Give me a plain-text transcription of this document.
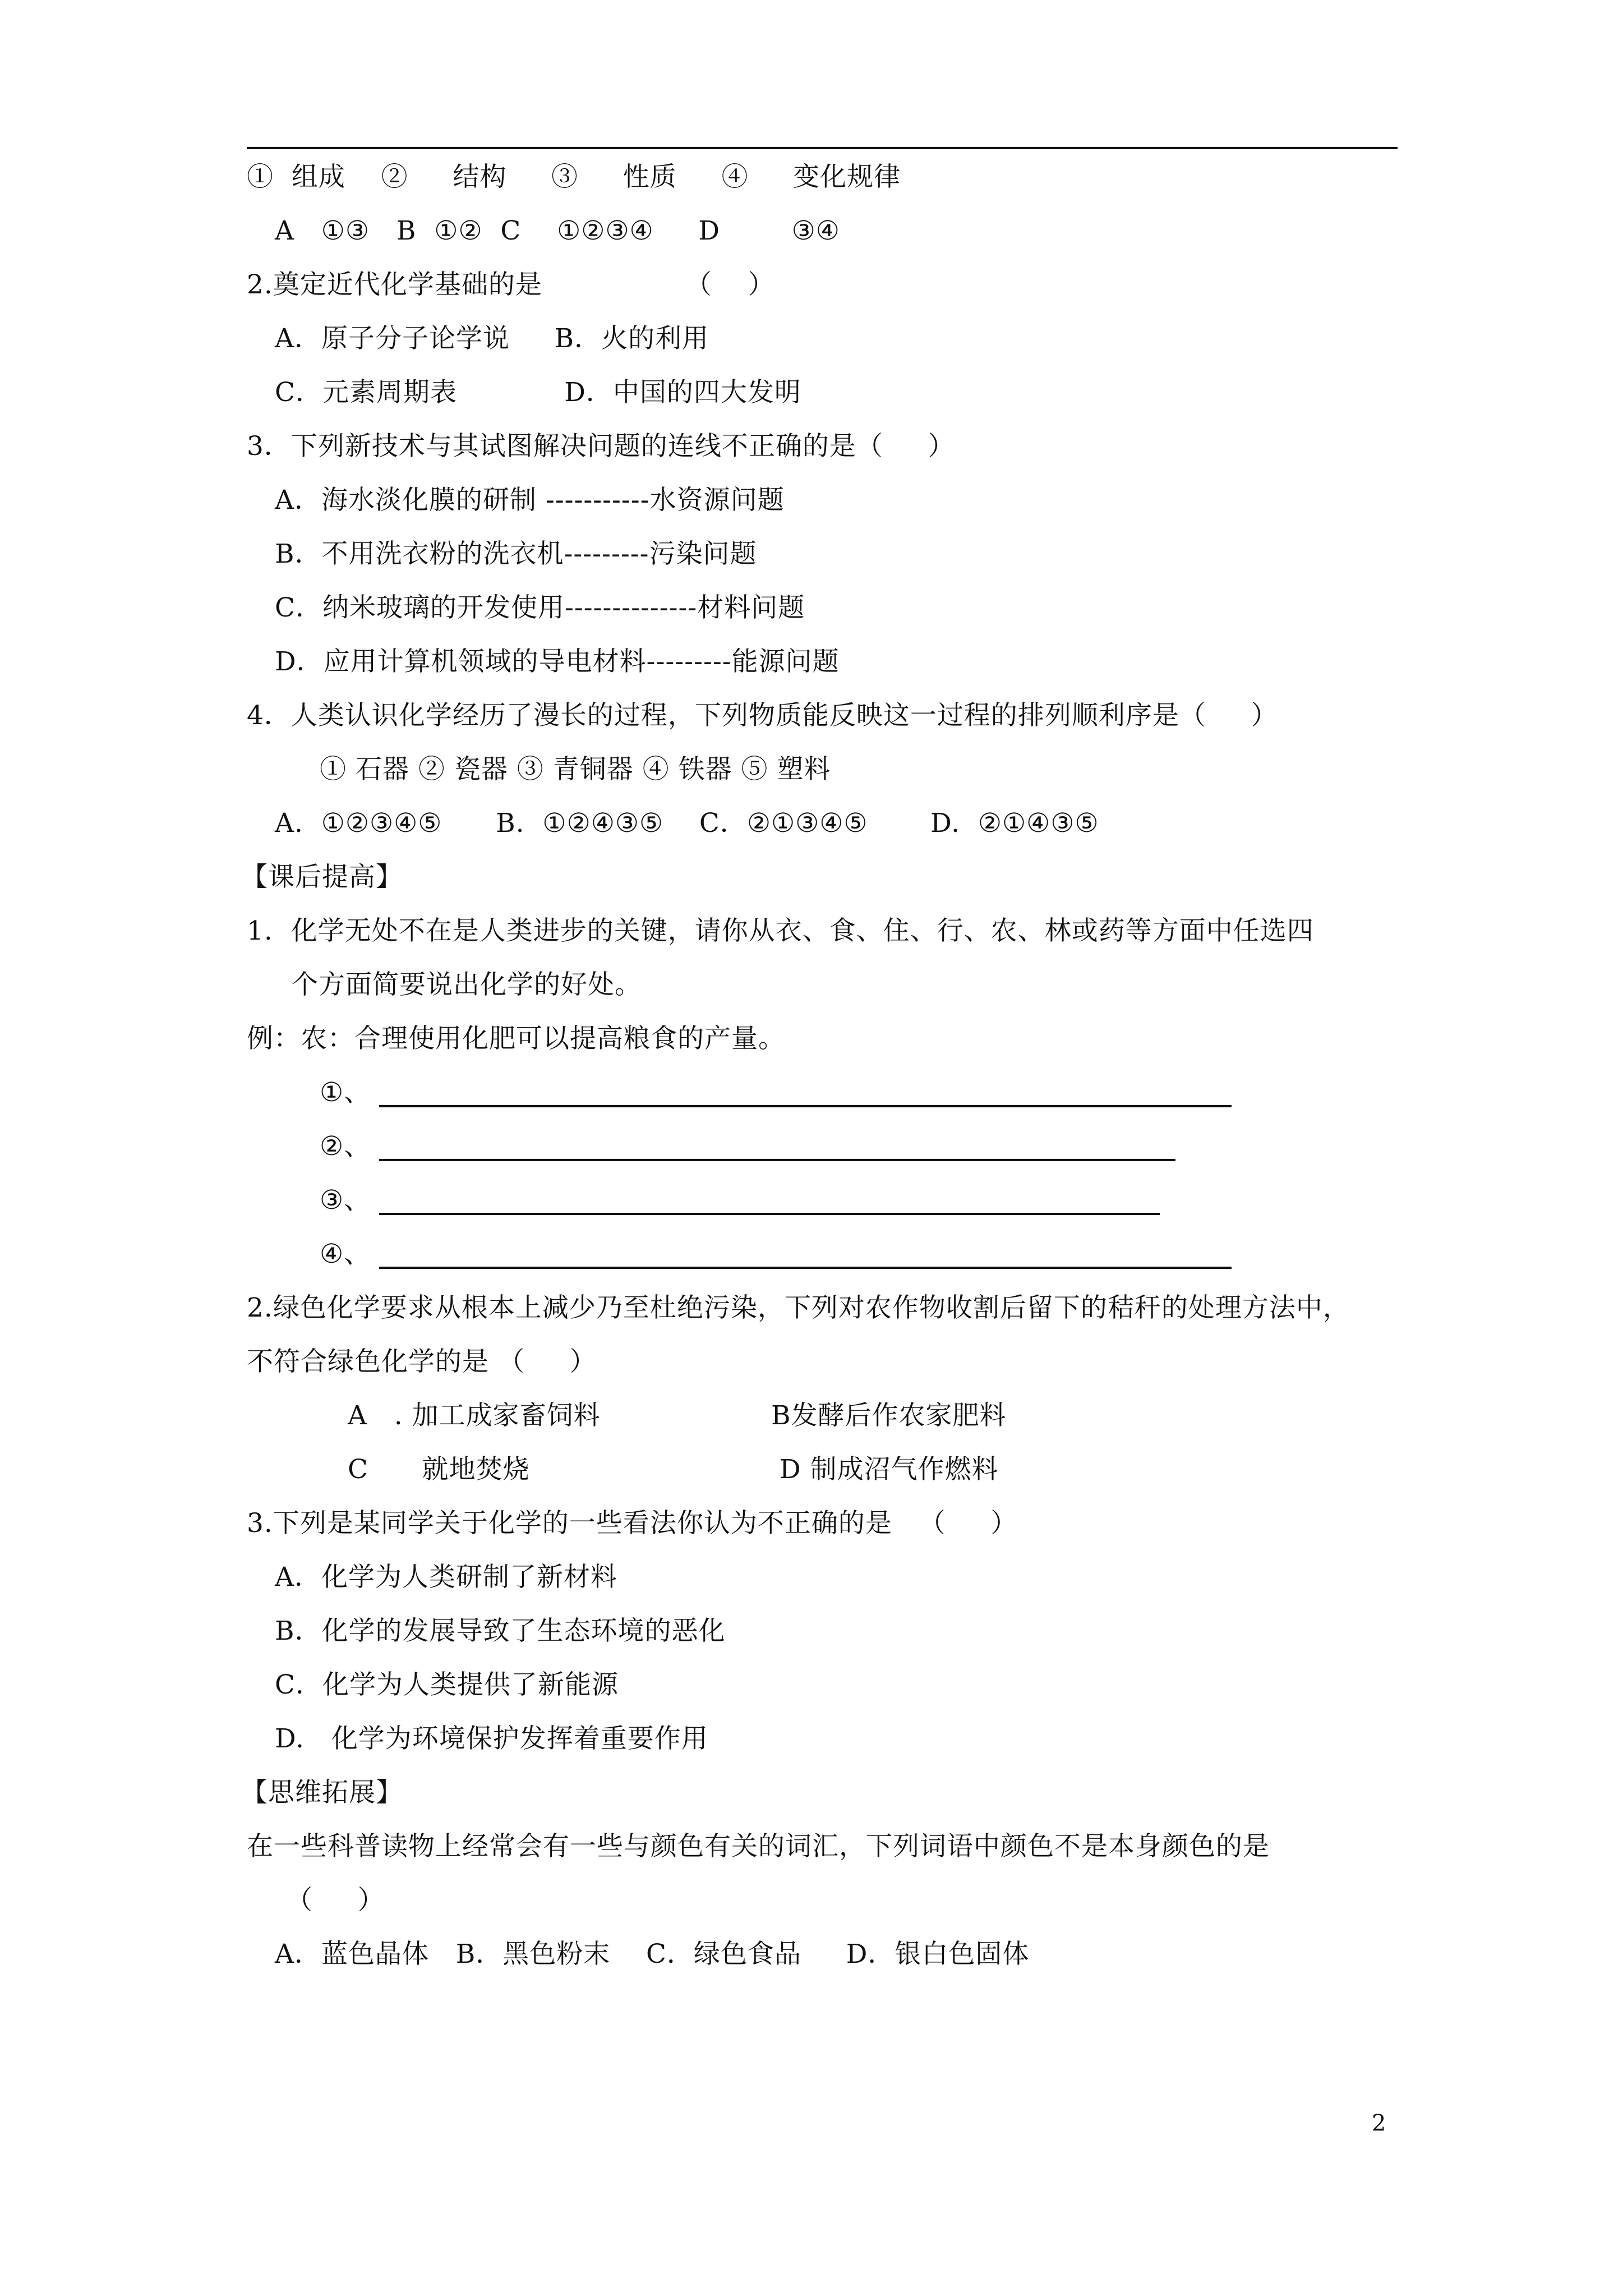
①  组成    ②     结构     ③     性质     ④     变化规律
A   ①③   B  ①②  C    ①②③④     D        ③④
2.奠定近代化学基础的是                （    ）
A．原子分子论学说     B．火的利用
C．元素周期表            D．中国的四大发明
3．下列新技术与其试图解决问题的连线不正确的是（     ）
A．海水淡化膜的研制 -----------水资源问题
B．不用洗衣粉的洗衣机---------污染问题
C．纳米玻璃的开发使用--------------材料问题
D．应用计算机领域的导电材料---------能源问题
4．人类认识化学经历了漫长的过程，下列物质能反映这一过程的排列顺利序是（     ）
① 石器 ② 瓷器 ③ 青铜器 ④ 铁器 ⑤ 塑料
A.  ①②③④⑤      B.  ①②④③⑤    C．②①③④⑤       D.  ②①④③⑤
【课后提高】
1.  化学无处不在是人类进步的关键，请你从衣、食、住、行、农、林或药等方面中任选四
个方面简要说出化学的好处。
例：农：合理使用化肥可以提高粮食的产量。
①、
②、
③、
④、
2.绿色化学要求从根本上减少乃至杜绝污染，下列对农作物收割后留下的秸秆的处理方法中，
不符合绿色化学的是 （     ）
A   . 加工成家畜饲料	B发酵后作农家肥料
C      就地焚烧	D 制成沼气作燃料
3.下列是某同学关于化学的一些看法你认为不正确的是   （     ）
A．化学为人类研制了新材料
B．化学的发展导致了生态环境的恶化
C．化学为人类提供了新能源
D.   化学为环境保护发挥着重要作用
【思维拓展】
在一些科普读物上经常会有一些与颜色有关的词汇，下列词语中颜色不是本身颜色的是
（     ）
A．蓝色晶体   B．黑色粉末    C．绿色食品     D．银白色固体
2
